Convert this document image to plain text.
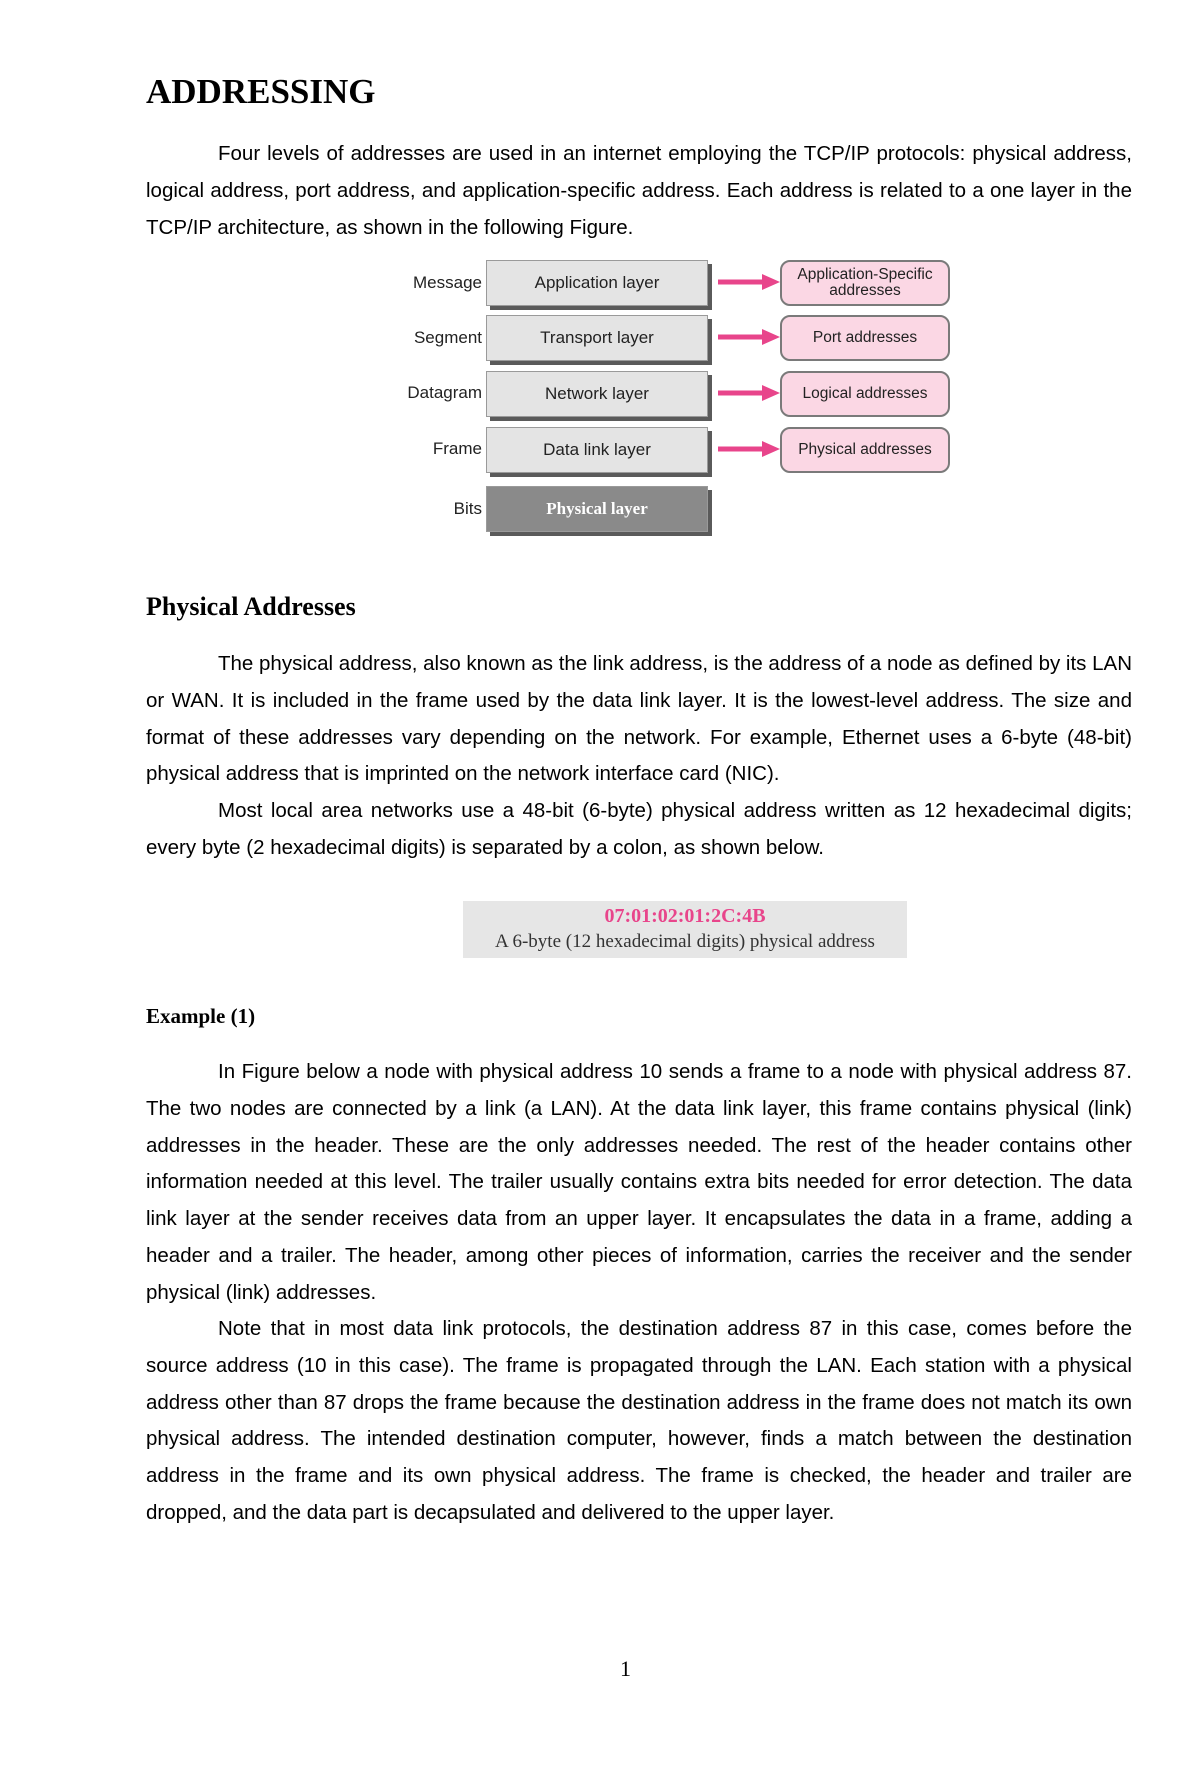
ADDRESSING

Four levels of addresses are used in an internet employing the TCP/IP protocols: physical address, logical address, port address, and application-specific address. Each address is related to a one layer in the TCP/IP architecture, as shown in the following Figure.

Message	Application layer	Application-Specific addresses
Segment	Transport layer	Port addresses
Datagram	Network layer	Logical addresses
Frame	Data link layer	Physical addresses
Bits	Physical layer
Physical Addresses

The physical address, also known as the link address, is the address of a node as defined by its LAN or WAN. It is included in the frame used by the data link layer. It is the lowest-level address. The size and format of these addresses vary depending on the network. For example, Ethernet uses a 6-byte (48-bit) physical address that is imprinted on the network interface card (NIC).

Most local area networks use a 48-bit (6-byte) physical address written as 12 hexadecimal digits; every byte (2 hexadecimal digits) is separated by a colon, as shown below.

07:01:02:01:2C:4B
A 6-byte (12 hexadecimal digits) physical address
Example (1)

In Figure below a node with physical address 10 sends a frame to a node with physical address 87. The two nodes are connected by a link (a LAN). At the data link layer, this frame contains physical (link) addresses in the header. These are the only addresses needed. The rest of the header contains other information needed at this level. The trailer usually contains extra bits needed for error detection. The data link layer at the sender receives data from an upper layer. It encapsulates the data in a frame, adding a header and a trailer. The header, among other pieces of information, carries the receiver and the sender physical (link) addresses.

Note that in most data link protocols, the destination address 87 in this case, comes before the source address (10 in this case). The frame is propagated through the LAN. Each station with a physical address other than 87 drops the frame because the destination address in the frame does not match its own physical address. The intended destination computer, however, finds a match between the destination address in the frame and its own physical address. The frame is checked, the header and trailer are dropped, and the data part is decapsulated and delivered to the upper layer.

1
